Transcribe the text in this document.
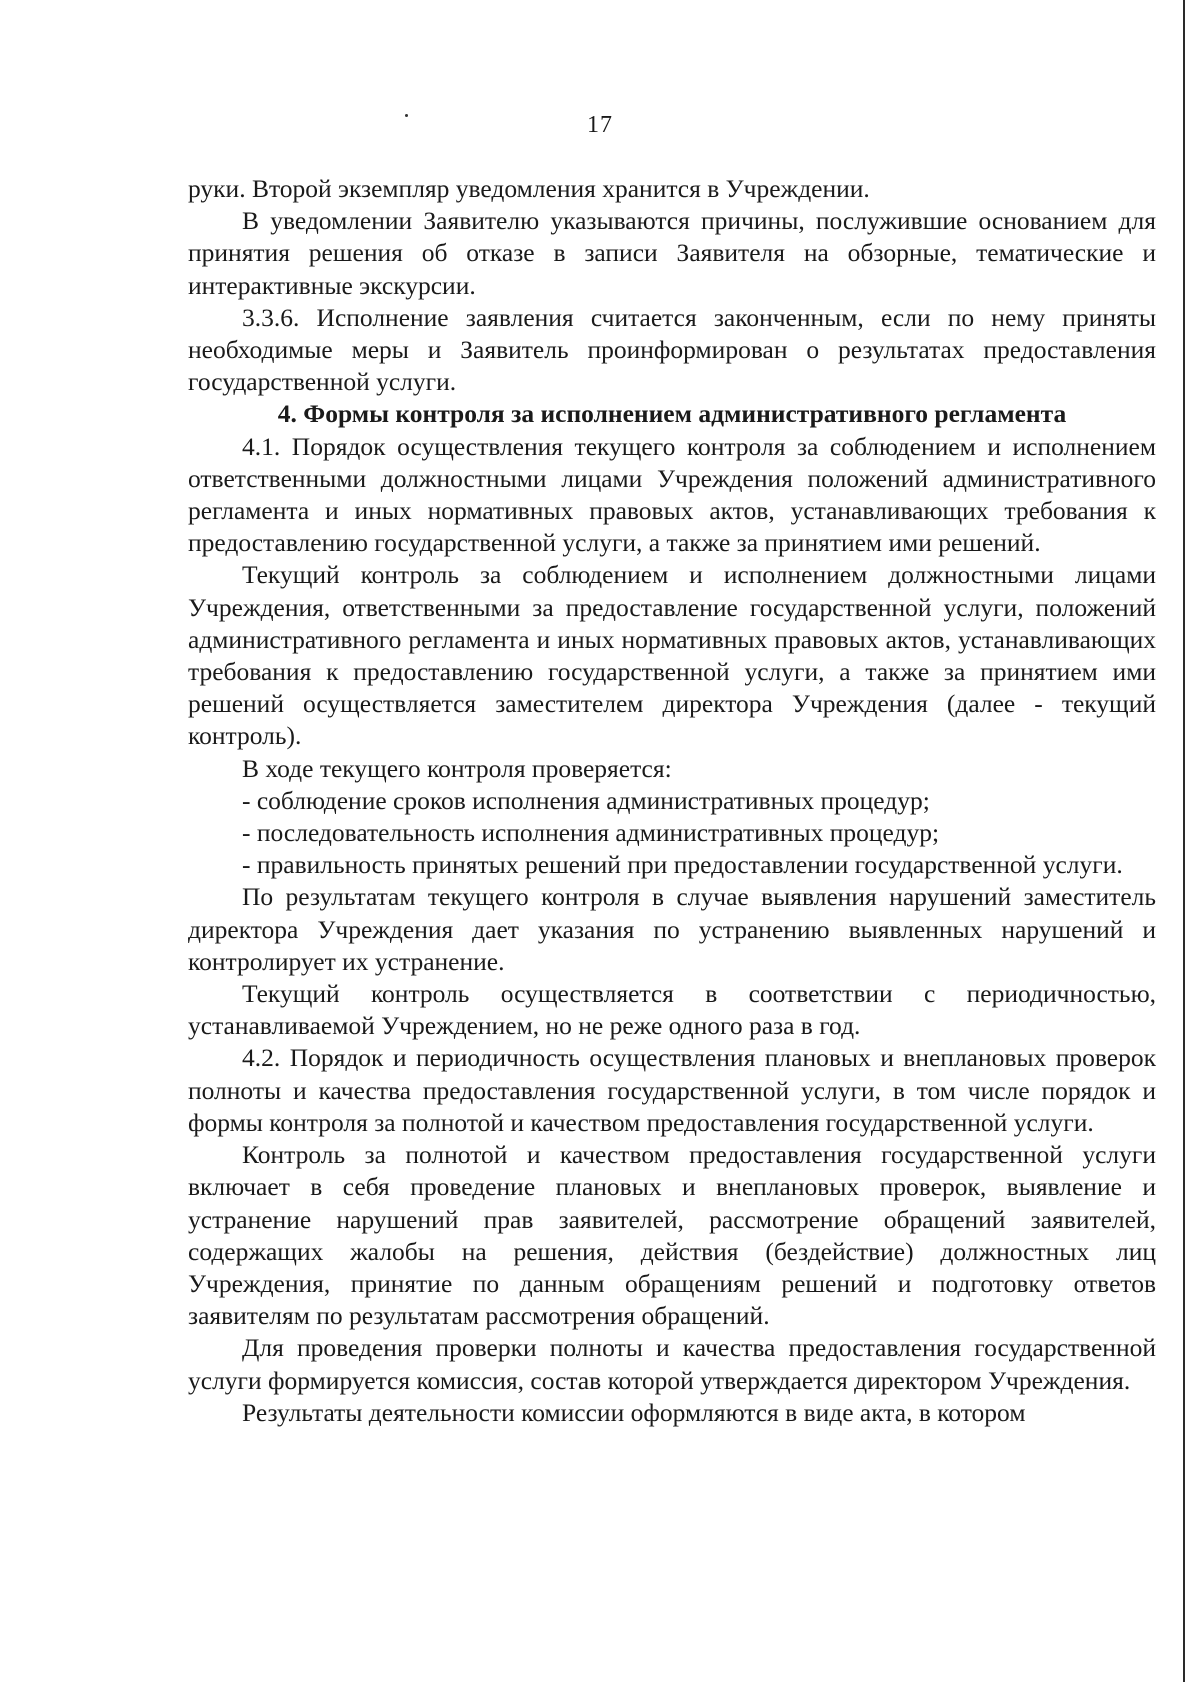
17

руки. Второй экземпляр уведомления хранится в Учреждении.

В уведомлении Заявителю указываются причины, послужившие основанием для принятия решения об отказе в записи Заявителя на обзорные, тематические и интерактивные экскурсии.

3.3.6. Исполнение заявления считается законченным, если по нему приняты необходимые меры и Заявитель проинформирован о результатах предоставления государственной услуги.

4. Формы контроля за исполнением административного регламента

4.1. Порядок осуществления текущего контроля за соблюдением и исполнением ответственными должностными лицами Учреждения положений административного регламента и иных нормативных правовых актов, устанавливающих требования к предоставлению государственной услуги, а также за принятием ими решений.

Текущий контроль за соблюдением и исполнением должностными лицами Учреждения, ответственными за предоставление государственной услуги, положений административного регламента и иных нормативных правовых актов, устанавливающих требования к предоставлению государственной услуги, а также за принятием ими решений осуществляется заместителем директора Учреждения (далее - текущий контроль).

В ходе текущего контроля проверяется:

- соблюдение сроков исполнения административных процедур;

- последовательность исполнения административных процедур;

- правильность принятых решений при предоставлении государственной услуги.

По результатам текущего контроля в случае выявления нарушений заместитель директора Учреждения дает указания по устранению выявленных нарушений и контролирует их устранение.

Текущий контроль осуществляется в соответствии с периодичностью, устанавливаемой Учреждением, но не реже одного раза в год.

4.2. Порядок и периодичность осуществления плановых и внеплановых проверок полноты и качества предоставления государственной услуги, в том числе порядок и формы контроля за полнотой и качеством предоставления государственной услуги.

Контроль за полнотой и качеством предоставления государственной услуги включает в себя проведение плановых и внеплановых проверок, выявление и устранение нарушений прав заявителей, рассмотрение обращений заявителей, содержащих жалобы на решения, действия (бездействие) должностных лиц Учреждения, принятие по данным обращениям решений и подготовку ответов заявителям по результатам рассмотрения обращений.

Для проведения проверки полноты и качества предоставления государственной услуги формируется комиссия, состав которой утверждается директором Учреждения.

Результаты деятельности комиссии оформляются в виде акта, в котором
